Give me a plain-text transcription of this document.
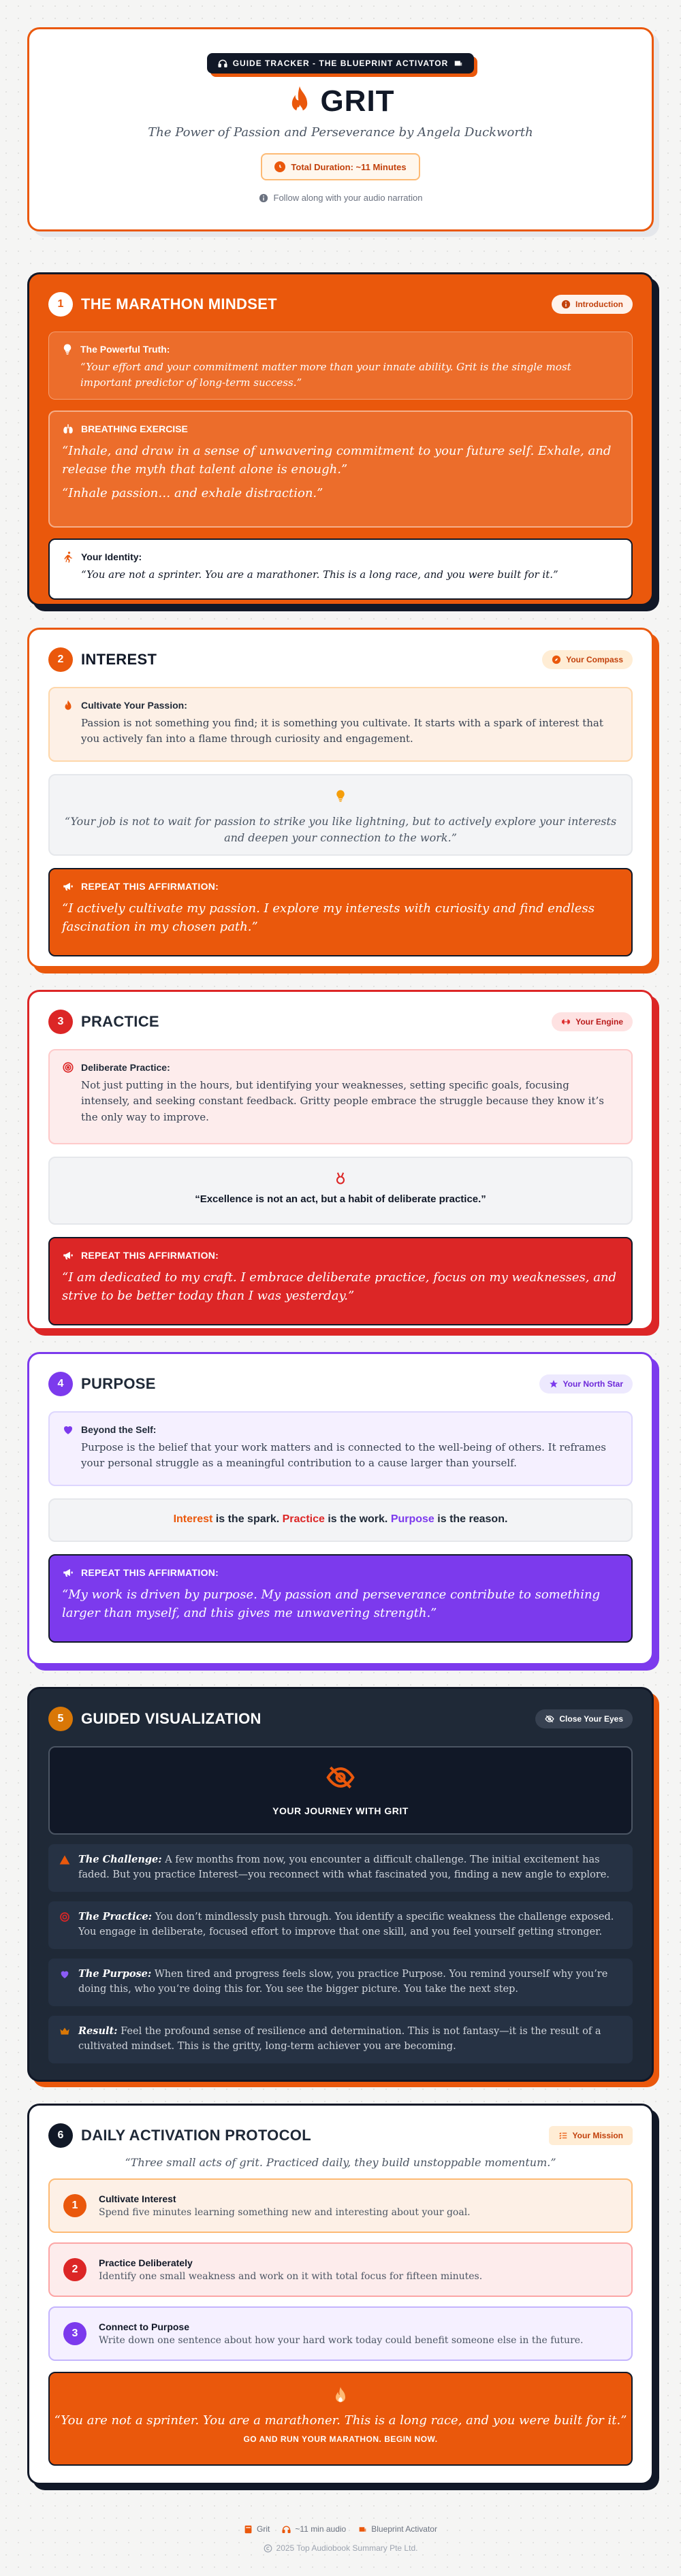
GUIDE TRACKER - THE BLUEPRINT ACTIVATOR
GRIT

The Power of Passion and Perseverance by Angela Duckworth

Total Duration: ~11 Minutes
Follow along with your audio narration
1	THE MARATHON MINDSET	Introduction
The Powerful Truth:

“Your effort and your commitment matter more than your innate ability. Grit is the single most important predictor of long-term success.”

BREATHING EXERCISE

“Inhale, and draw in a sense of unwavering commitment to your future self. Exhale, and release the myth that talent alone is enough.”

“Inhale passion… and exhale distraction.”

Your Identity:

“You are not a sprinter. You are a marathoner. This is a long race, and you were built for it.”

2	INTEREST	Your Compass
Cultivate Your Passion:

Passion is not something you find; it is something you cultivate. It starts with a spark of interest that you actively fan into a flame through curiosity and engagement.

“Your job is not to wait for passion to strike you like lightning, but to actively explore your interests and deepen your connection to the work.”

REPEAT THIS AFFIRMATION:

“I actively cultivate my passion. I explore my interests with curiosity and find endless fascination in my chosen path.”

3	PRACTICE	Your Engine
Deliberate Practice:

Not just putting in the hours, but identifying your weaknesses, setting specific goals, focusing intensely, and seeking constant feedback. Gritty people embrace the struggle because they know it’s the only way to improve.

“Excellence is not an act, but a habit of deliberate practice.”

REPEAT THIS AFFIRMATION:

“I am dedicated to my craft. I embrace deliberate practice, focus on my weaknesses, and strive to be better today than I was yesterday.”

4	PURPOSE	Your North Star
Beyond the Self:

Purpose is the belief that your work matters and is connected to the well-being of others. It reframes your personal struggle as a meaningful contribution to a cause larger than yourself.

Interest is the spark. Practice is the work. Purpose is the reason.
REPEAT THIS AFFIRMATION:

“My work is driven by purpose. My passion and perseverance contribute to something larger than myself, and this gives me unwavering strength.”

5	GUIDED VISUALIZATION	Close Your Eyes
YOUR JOURNEY WITH GRIT

The Challenge: A few months from now, you encounter a difficult challenge. The initial excitement has faded. But you practice Interest—you reconnect with what fascinated you, finding a new angle to explore.

The Practice: You don’t mindlessly push through. You identify a specific weakness the challenge exposed. You engage in deliberate, focused effort to improve that one skill, and you feel yourself getting stronger.

The Purpose: When tired and progress feels slow, you practice Purpose. You remind yourself why you’re doing this, who you’re doing this for. You see the bigger picture. You take the next step.

Result: Feel the profound sense of resilience and determination. This is not fantasy—it is the result of a cultivated mindset. This is the gritty, long-term achiever you are becoming.

6	DAILY ACTIVATION PROTOCOL	Your Mission

“Three small acts of grit. Practiced daily, they build unstoppable momentum.”

1
Cultivate Interest
Spend five minutes learning something new and interesting about your goal.
2
Practice Deliberately
Identify one small weakness and work on it with total focus for fifteen minutes.
3
Connect to Purpose
Write down one sentence about how your hard work today could benefit someone else in the future.

“You are not a sprinter. You are a marathoner. This is a long race, and you were built for it.”

GO AND RUN YOUR MARATHON. BEGIN NOW.

Grit	~11 min audio	Blueprint Activator
2025 Top Audiobook Summary Pte Ltd.
